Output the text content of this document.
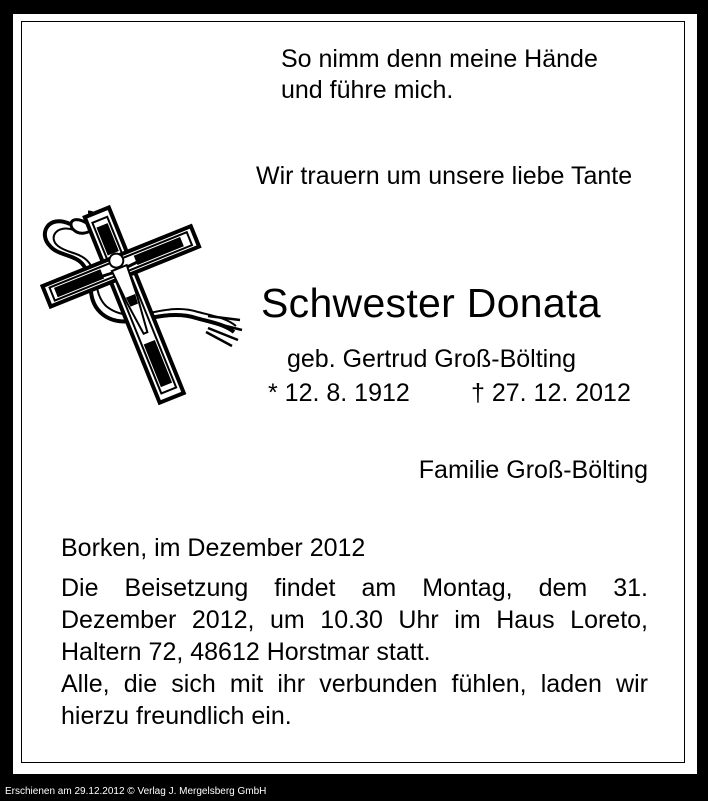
So nimm denn meine Hände
und führe mich.
Wir trauern um unsere liebe Tante
Schwester Donata
geb. Gertrud Groß-Bölting
* 12. 8. 1912 † 27. 12. 2012
Familie Groß-Bölting
Borken, im Dezember 2012

Die Beisetzung findet am Montag, dem 31. Dezember 2012, um 10.30 Uhr im Haus Loreto, Haltern 72, 48612 Horstmar statt.

Alle, die sich mit ihr verbunden fühlen, laden wir hierzu freundlich ein.

Erschienen am 29.12.2012 © Verlag J. Mergelsberg GmbH
